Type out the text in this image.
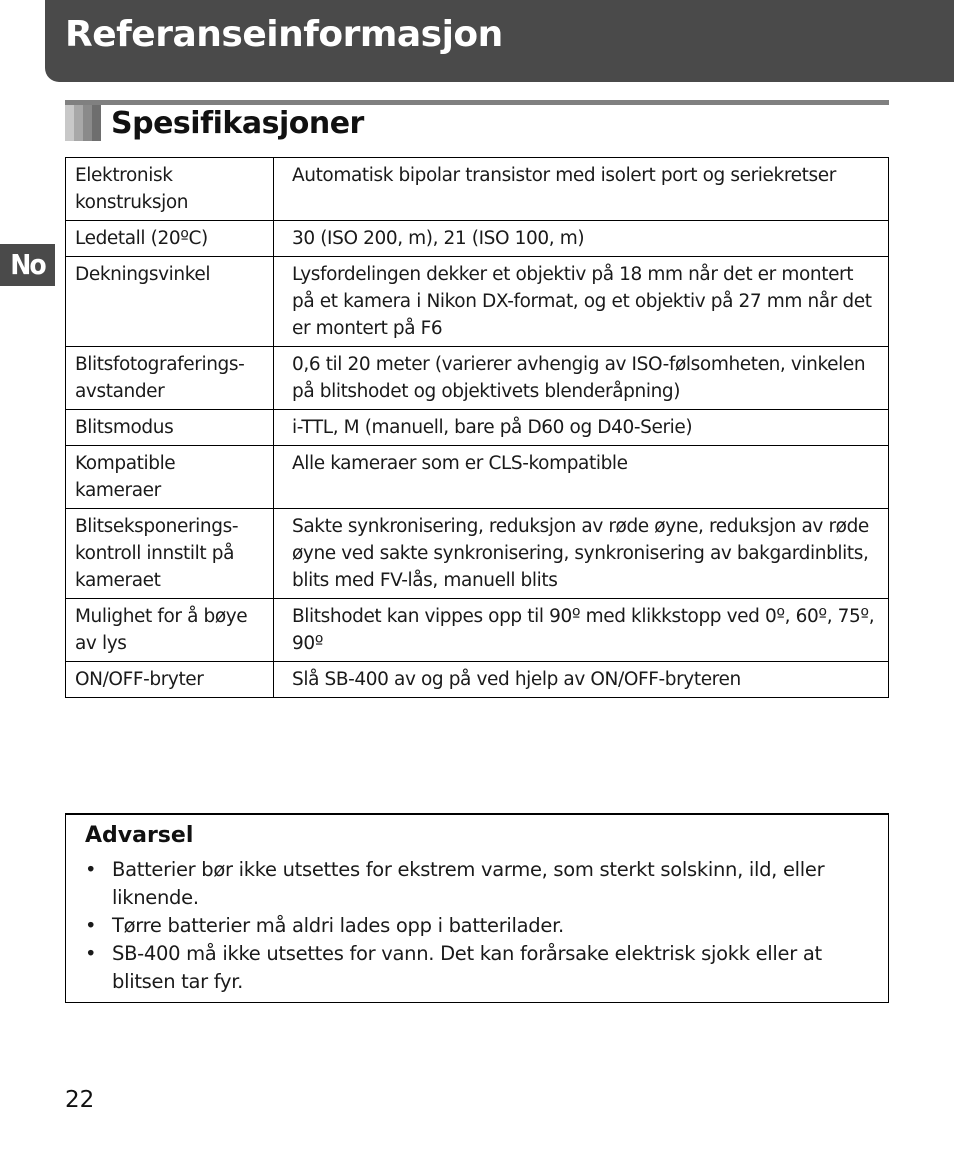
Referanseinformasjon
No
Spesifikasjoner
Elektronisk konstruksjon	Automatisk bipolar transistor med isolert port og seriekretser
Ledetall (20ºC)	30 (ISO 200, m), 21 (ISO 100, m)
Dekningsvinkel	Lysfordelingen dekker et objektiv på 18 mm når det er montert på et kamera i Nikon DX-format, og et objektiv på 27 mm når det er montert på F6
Blitsfotograferings-avstander	0,6 til 20 meter (varierer avhengig av ISO-følsomheten, vinkelen på blitshodet og objektivets blenderåpning)
Blitsmodus	i-TTL, M (manuell, bare på D60 og D40-Serie)
Kompatible kameraer	Alle kameraer som er CLS-kompatible
Blitseksponerings-kontroll innstilt på kameraet	Sakte synkronisering, reduksjon av røde øyne, reduksjon av røde øyne ved sakte synkronisering, synkronisering av bakgardinblits, blits med FV-lås, manuell blits
Mulighet for å bøye av lys	Blitshodet kan vippes opp til 90º med klikkstopp ved 0º, 60º, 75º, 90º
ON/OFF-bryter	Slå SB-400 av og på ved hjelp av ON/OFF-bryteren
Advarsel
• Batterier bør ikke utsettes for ekstrem varme, som sterkt solskinn, ild, eller liknende.
• Tørre batterier må aldri lades opp i batterilader.
• SB-400 må ikke utsettes for vann. Det kan forårsake elektrisk sjokk eller at blitsen tar fyr.
22
